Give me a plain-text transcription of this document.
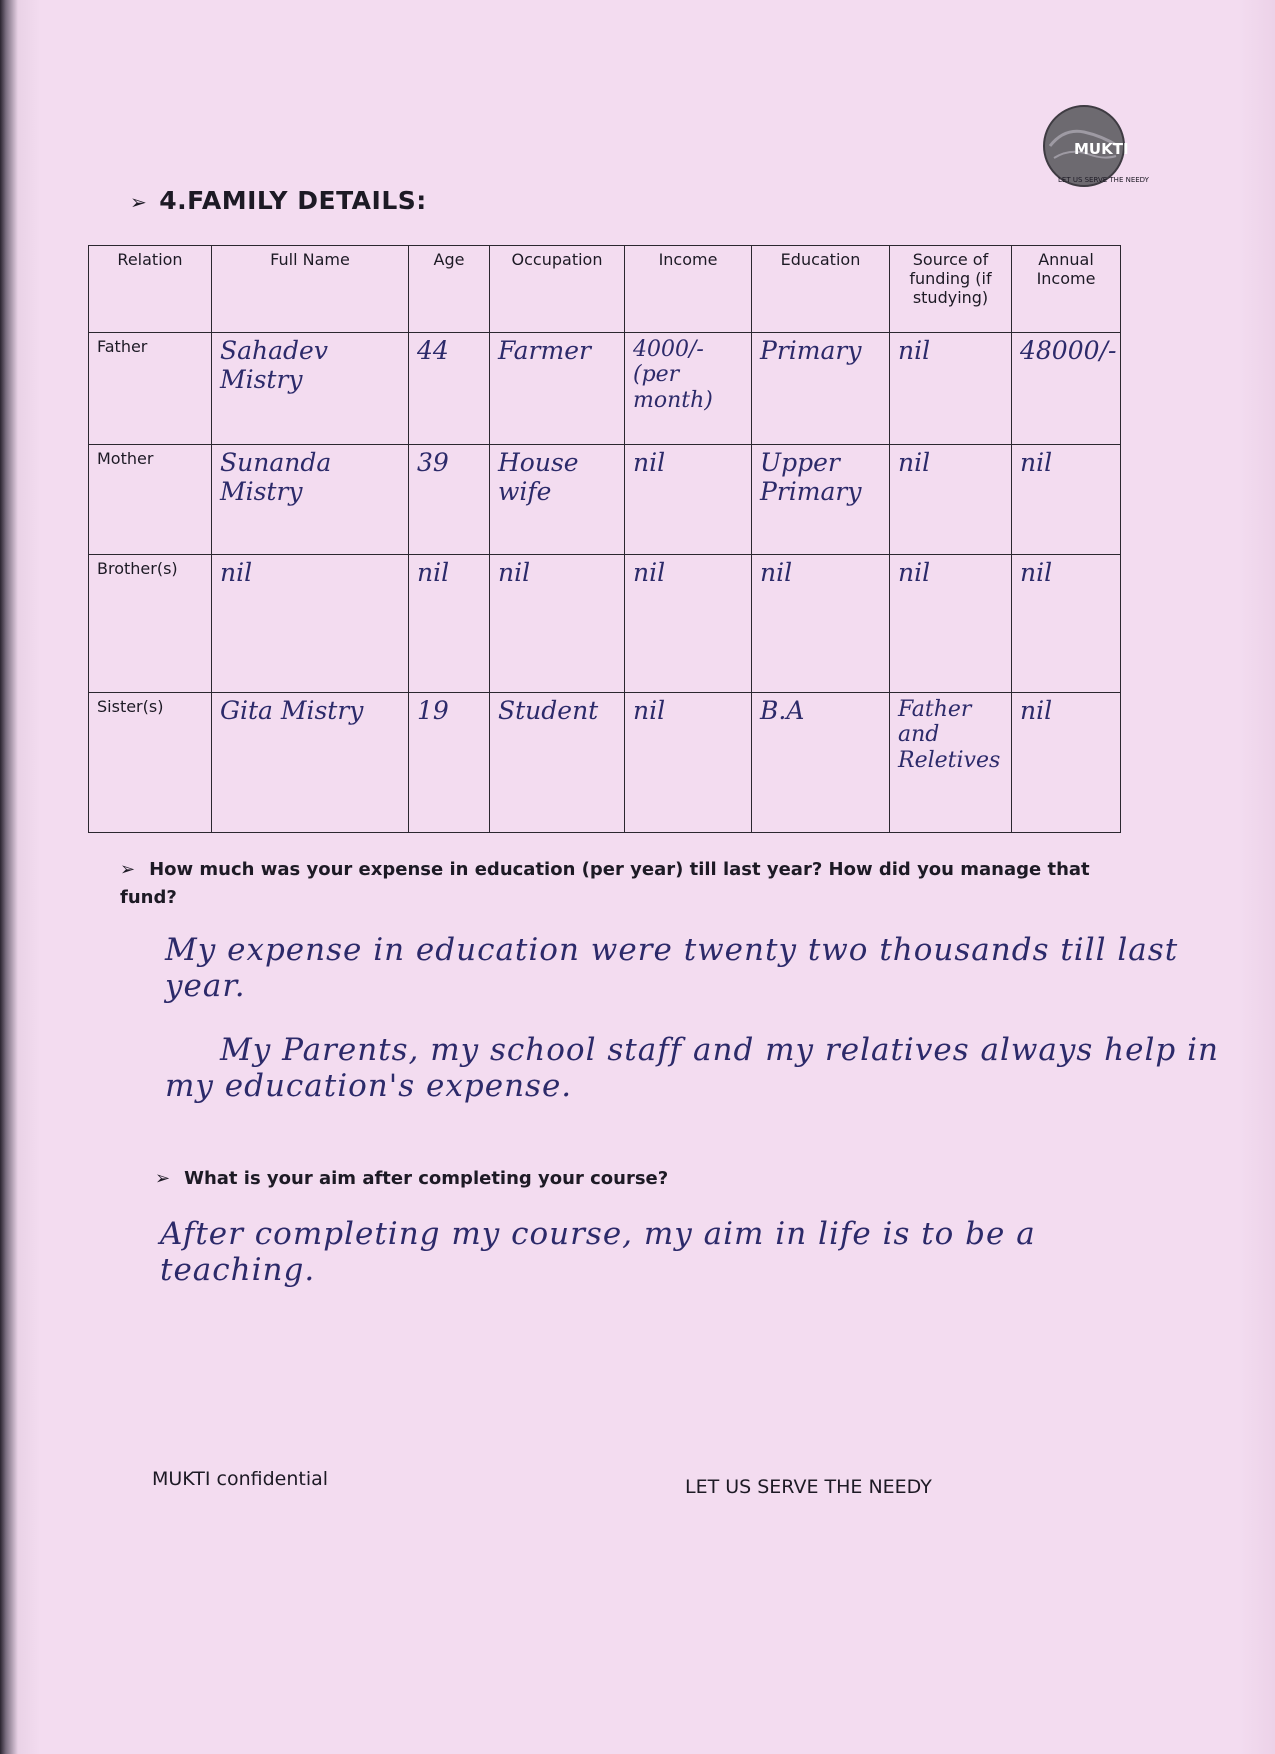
MUKTI
LET US SERVE THE NEEDY
➢ 4.FAMILY DETAILS:
Relation	Full Name	Age	Occupation	Income	Education	Source of funding (if studying)	Annual Income
Father	Sahadev Mistry	44	Farmer	4000/- (per month)	Primary	nil	48000/-
Mother	Sunanda Mistry	39	House wife	nil	Upper Primary	nil	nil
Brother(s)	nil	nil	nil	nil	nil	nil	nil
Sister(s)	Gita Mistry	19	Student	nil	B.A	Father and Reletives	nil
➢ How much was your expense in education (per year) till last year? How did you manage that fund?
My expense in education were twenty two thousands till last year.
My Parents, my school staff and my relatives always help in my education's expense.
➢ What is your aim after completing your course?
After completing my course, my aim in life is to be a teaching.
MUKTI confidential	LET US SERVE THE NEEDY
